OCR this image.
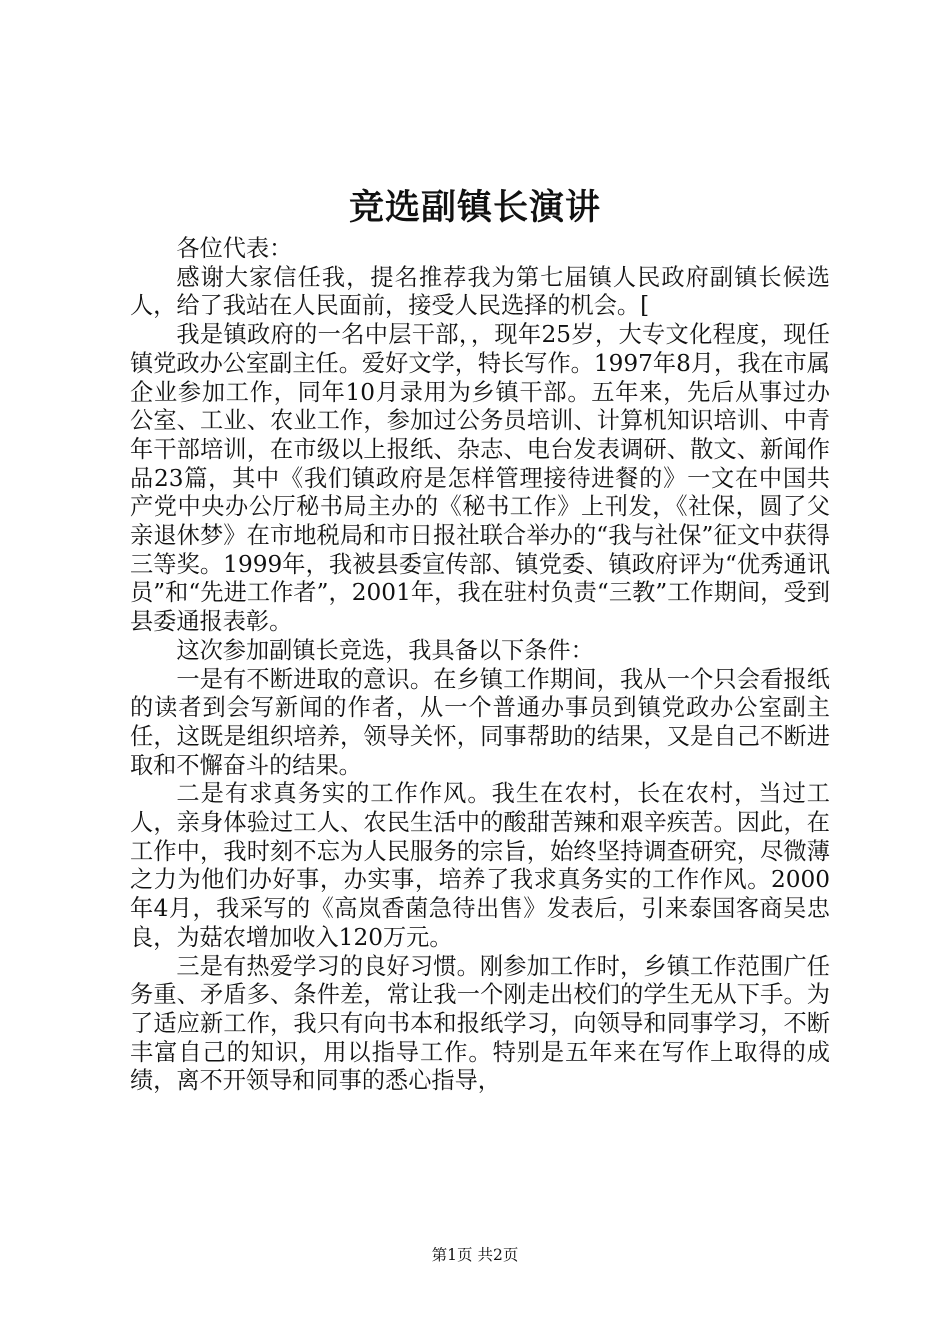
竞选副镇长演讲

各位代表：

感谢大家信任我，提名推荐我为第七届镇人民政府副镇长候选人，给了我站在人民面前，接受人民选择的机会。[

我是镇政府的一名中层干部，，现年25岁，大专文化程度，现任镇党政办公室副主任。爱好文学，特长写作。1997年8月，我在市属企业参加工作，同年10月录用为乡镇干部。五年来，先后从事过办公室、工业、农业工作，参加过公务员培训、计算机知识培训、中青年干部培训，在市级以上报纸、杂志、电台发表调研、散文、新闻作品23篇，其中《我们镇政府是怎样管理接待进餐的》一文在中国共产党中央办公厅秘书局主办的《秘书工作》上刊发，《社保，圆了父亲退休梦》在市地税局和市日报社联合举办的“我与社保”征文中获得三等奖。1999年，我被县委宣传部、镇党委、镇政府评为“优秀通讯员”和“先进工作者”，2001年，我在驻村负责“三教”工作期间，受到县委通报表彰。

这次参加副镇长竞选，我具备以下条件：

一是有不断进取的意识。在乡镇工作期间，我从一个只会看报纸的读者到会写新闻的作者，从一个普通办事员到镇党政办公室副主任，这既是组织培养，领导关怀，同事帮助的结果，又是自己不断进取和不懈奋斗的结果。

二是有求真务实的工作作风。我生在农村，长在农村，当过工人，亲身体验过工人、农民生活中的酸甜苦辣和艰辛疾苦。因此，在工作中，我时刻不忘为人民服务的宗旨，始终坚持调查研究，尽微薄之力为他们办好事，办实事，培养了我求真务实的工作作风。2000年4月，我采写的《高岚香菌急待出售》发表后，引来泰国客商吴忠良，为菇农增加收入120万元。

三是有热爱学习的良好习惯。刚参加工作时，乡镇工作范围广任务重、矛盾多、条件差，常让我一个刚走出校们的学生无从下手。为了适应新工作，我只有向书本和报纸学习，向领导和同事学习，不断丰富自己的知识，用以指导工作。特别是五年来在写作上取得的成绩，离不开领导和同事的悉心指导，

第1页 共2页
